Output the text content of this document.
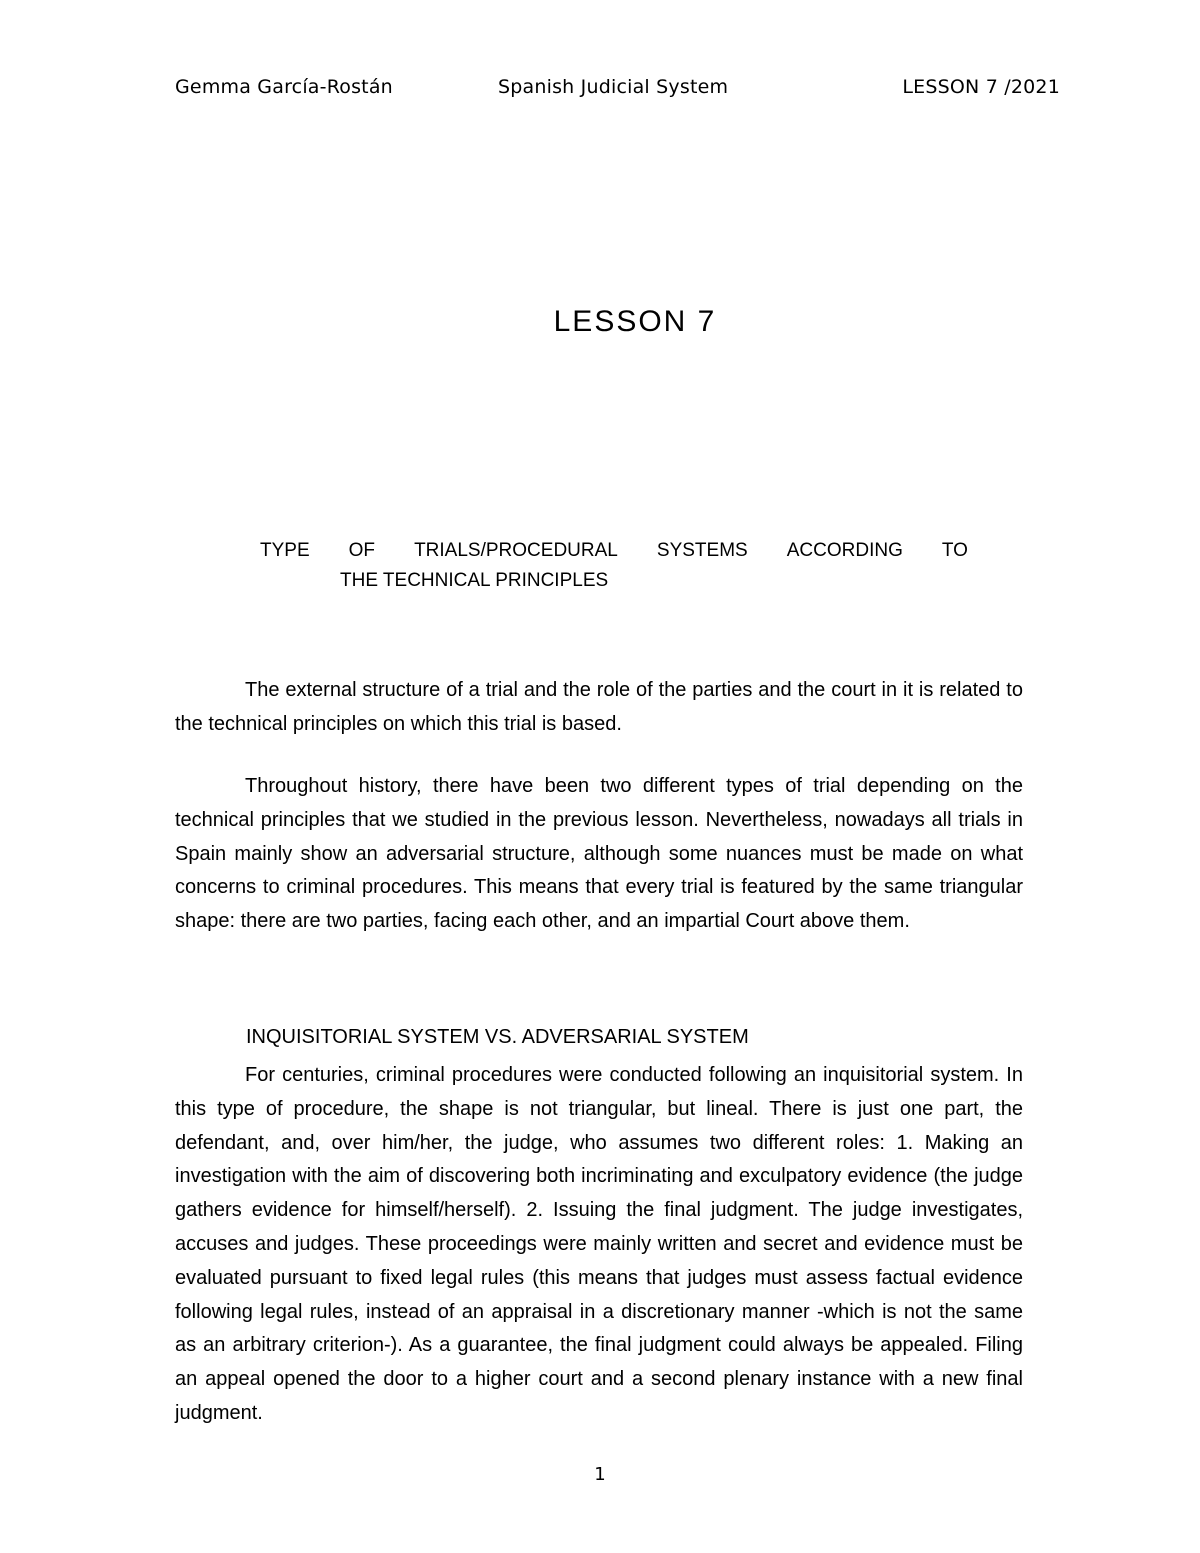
Gemma García-Rostán	Spanish Judicial System	LESSON 7 /2021
LESSON 7
TYPE OF TRIALS/PROCEDURAL SYSTEMS ACCORDING TO
THE TECHNICAL PRINCIPLES

The external structure of a trial and the role of the parties and the court in it is related to the technical principles on which this trial is based.

Throughout history, there have been two different types of trial depending on the technical principles that we studied in the previous lesson. Nevertheless, nowadays all trials in Spain mainly show an adversarial structure, although some nuances must be made on what concerns to criminal procedures. This means that every trial is featured by the same triangular shape: there are two parties, facing each other, and an impartial Court above them.

INQUISITORIAL SYSTEM VS. ADVERSARIAL SYSTEM

For centuries, criminal procedures were conducted following an inquisitorial system. In this type of procedure, the shape is not triangular, but lineal. There is just one part, the defendant, and, over him/her, the judge, who assumes two different roles: 1. Making an investigation with the aim of discovering both incriminating and exculpatory evidence (the judge gathers evidence for himself/herself). 2. Issuing the final judgment. The judge investigates, accuses and judges. These proceedings were mainly written and secret and evidence must be evaluated pursuant to fixed legal rules (this means that judges must assess factual evidence following legal rules, instead of an appraisal in a discretionary manner -which is not the same as an arbitrary criterion-). As a guarantee, the final judgment could always be appealed. Filing an appeal opened the door to a higher court and a second plenary instance with a new final judgment.

1
